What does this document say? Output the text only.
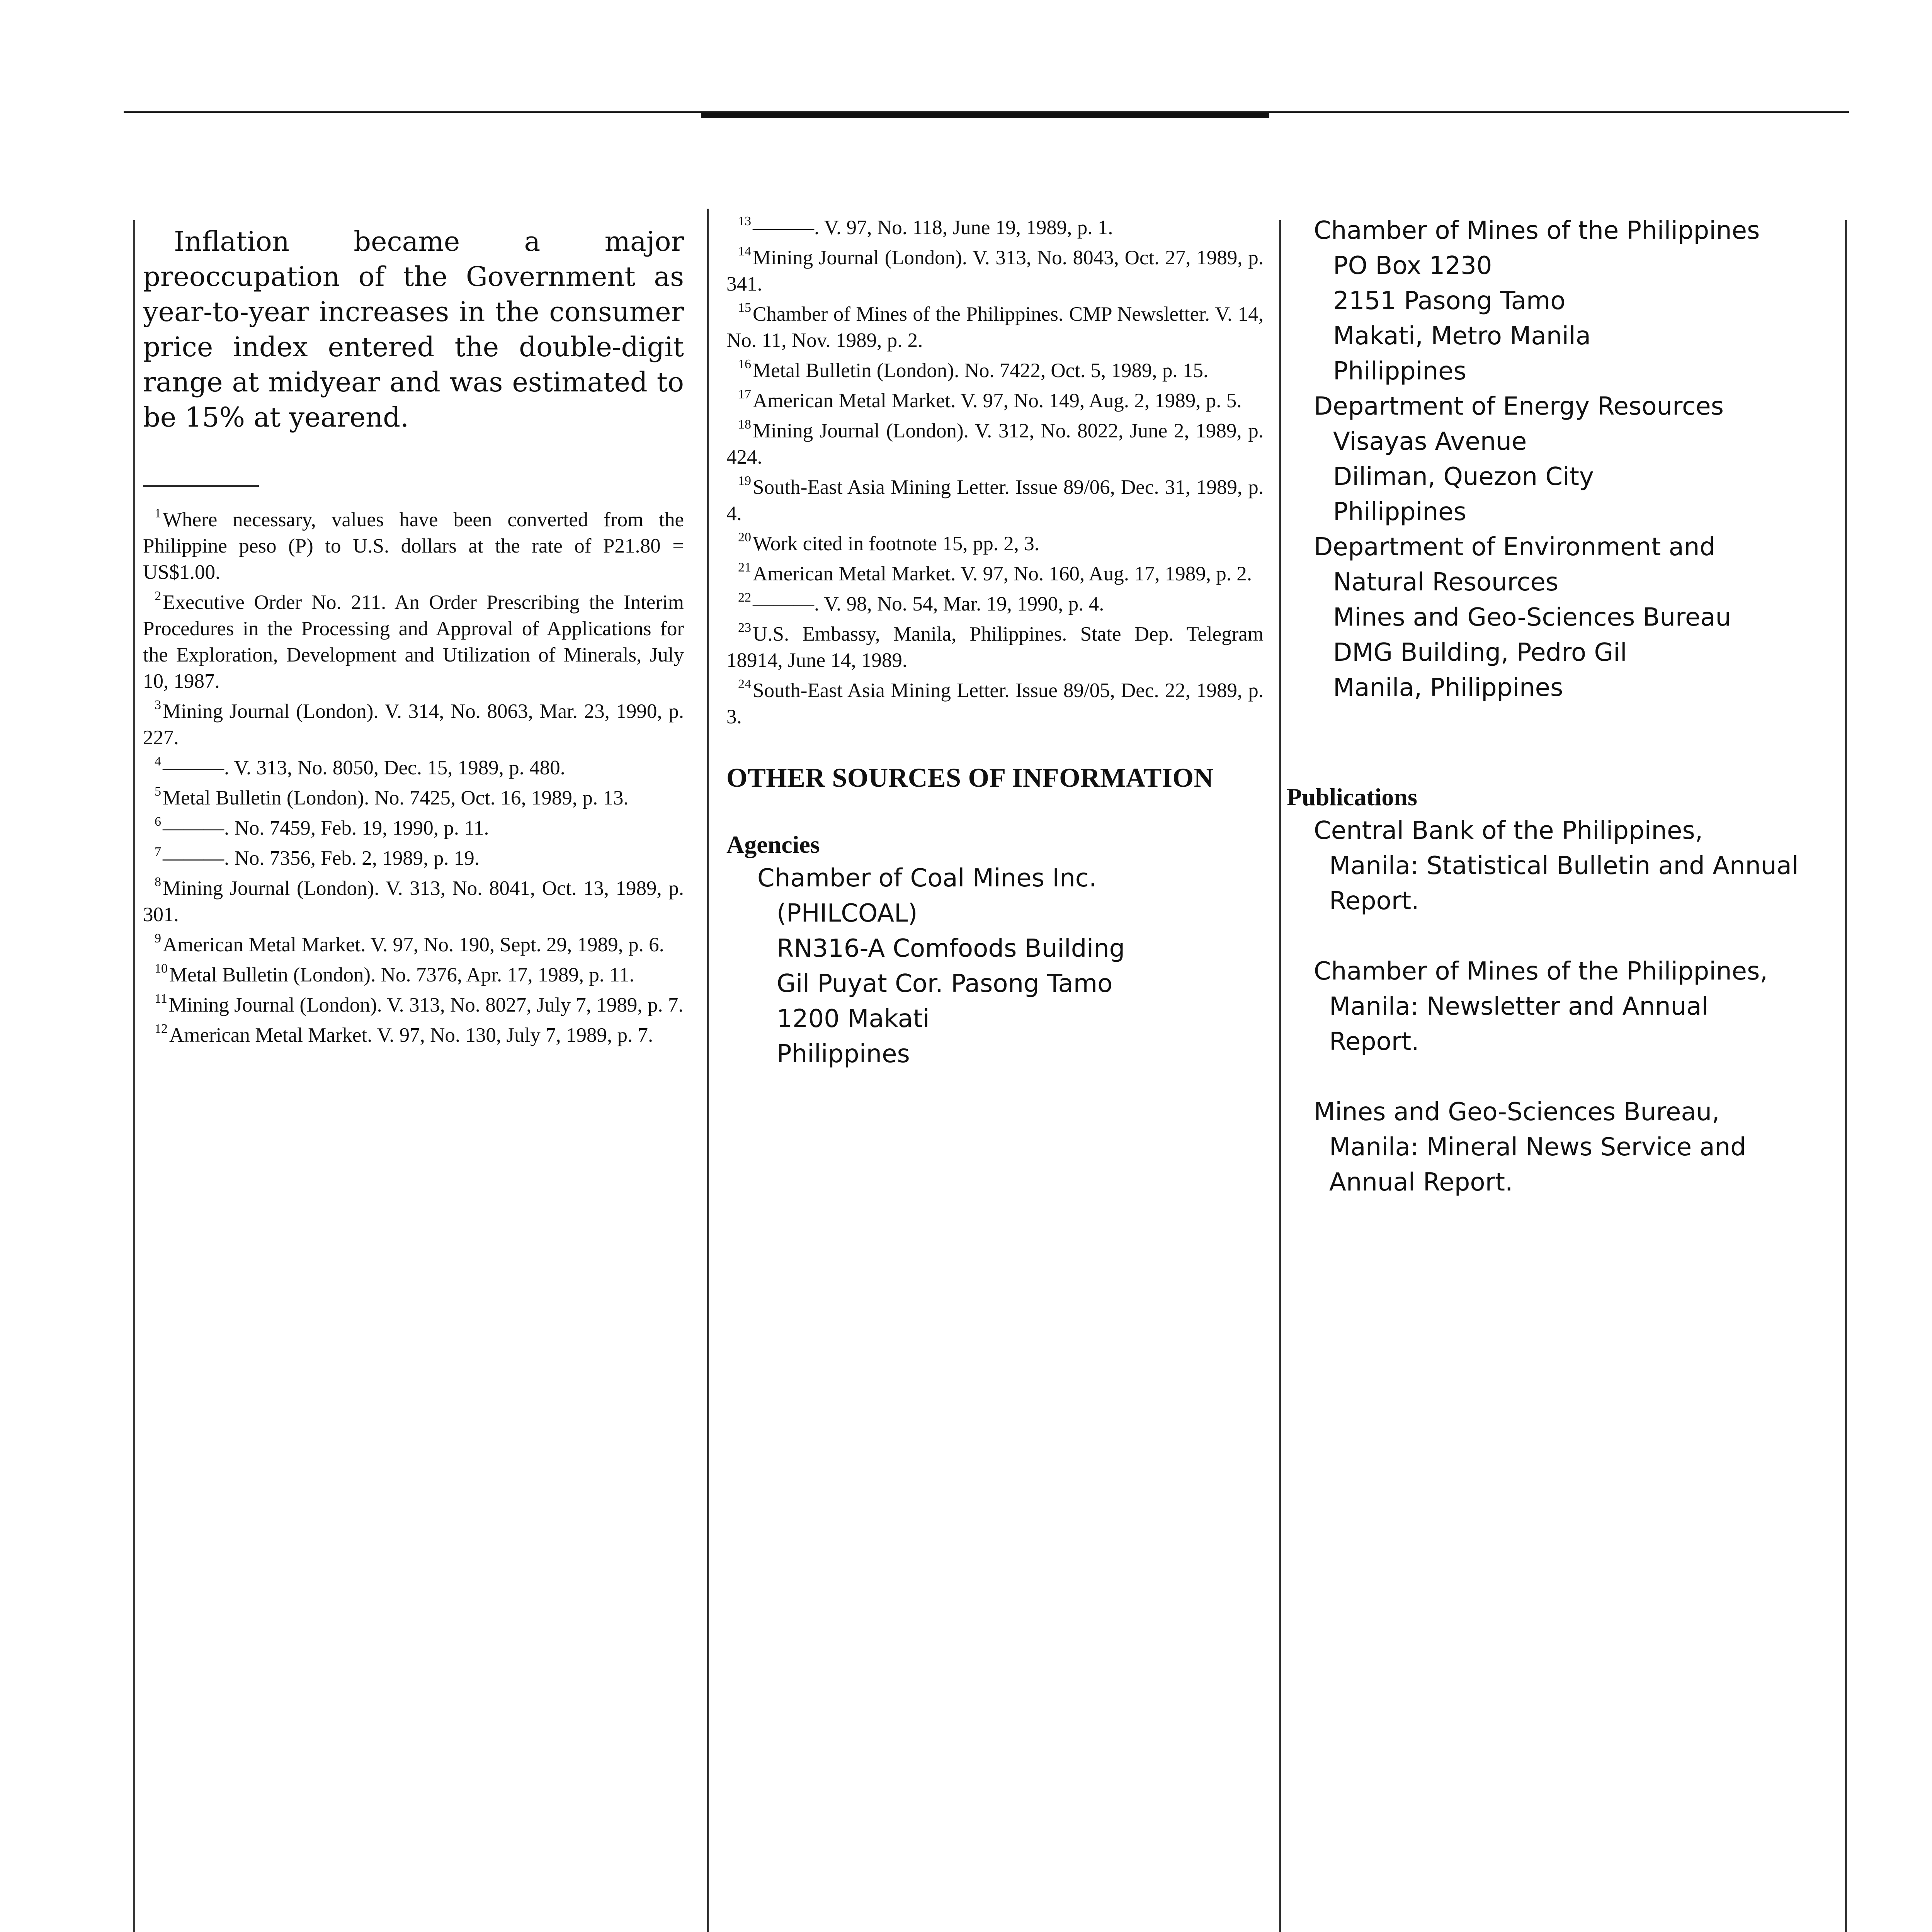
Inflation became a major preoccupation of the Government as year-to-year increases in the consumer price index entered the double-digit range at midyear and was estimated to be 15% at yearend.

$^1$Where necessary, values have been converted from the Philippine peso (P) to U.S. dollars at the rate of P21.80 = US$1.00.

$^2$Executive Order No. 211. An Order Prescribing the Interim Procedures in the Processing and Approval of Applications for the Exploration, Development and Utilization of Minerals, July 10, 1987.

$^3$Mining Journal (London). V. 314, No. 8063, Mar. 23, 1990, p. 227.

$^4$———. V. 313, No. 8050, Dec. 15, 1989, p. 480.

$^5$Metal Bulletin (London). No. 7425, Oct. 16, 1989, p. 13.

$^6$———. No. 7459, Feb. 19, 1990, p. 11.

$^7$———. No. 7356, Feb. 2, 1989, p. 19.

$^8$Mining Journal (London). V. 313, No. 8041, Oct. 13, 1989, p. 301.

$^9$American Metal Market. V. 97, No. 190, Sept. 29, 1989, p. 6.

$^{10}$Metal Bulletin (London). No. 7376, Apr. 17, 1989, p. 11.

$^{11}$Mining Journal (London). V. 313, No. 8027, July 7, 1989, p. 7.

$^{12}$American Metal Market. V. 97, No. 130, July 7, 1989, p. 7.

$^{13}$———. V. 97, No. 118, June 19, 1989, p. 1.

$^{14}$Mining Journal (London). V. 313, No. 8043, Oct. 27, 1989, p. 341.

$^{15}$Chamber of Mines of the Philippines. CMP Newsletter. V. 14, No. 11, Nov. 1989, p. 2.

$^{16}$Metal Bulletin (London). No. 7422, Oct. 5, 1989, p. 15.

$^{17}$American Metal Market. V. 97, No. 149, Aug. 2, 1989, p. 5.

$^{18}$Mining Journal (London). V. 312, No. 8022, June 2, 1989, p. 424.

$^{19}$South-East Asia Mining Letter. Issue 89/06, Dec. 31, 1989, p. 4.

$^{20}$Work cited in footnote 15, pp. 2, 3.

$^{21}$American Metal Market. V. 97, No. 160, Aug. 17, 1989, p. 2.

$^{22}$———. V. 98, No. 54, Mar. 19, 1990, p. 4.

$^{23}$U.S. Embassy, Manila, Philippines. State Dep. Telegram 18914, June 14, 1989.

$^{24}$South-East Asia Mining Letter. Issue 89/05, Dec. 22, 1989, p. 3.

OTHER SOURCES OF INFORMATION
Agencies
Chamber of Coal Mines Inc.
(PHILCOAL)
RN316-A Comfoods Building
Gil Puyat Cor. Pasong Tamo
1200 Makati
Philippines
Chamber of Mines of the Philippines
PO Box 1230
2151 Pasong Tamo
Makati, Metro Manila
Philippines
Department of Energy Resources
Visayas Avenue
Diliman, Quezon City
Philippines
Department of Environment and
Natural Resources
Mines and Geo-Sciences Bureau
DMG Building, Pedro Gil
Manila, Philippines
Publications
Central Bank of the Philippines,
Manila: Statistical Bulletin and Annual
Report.
Chamber of Mines of the Philippines,
Manila: Newsletter and Annual
Report.
Mines and Geo-Sciences Bureau,
Manila: Mineral News Service and
Annual Report.
